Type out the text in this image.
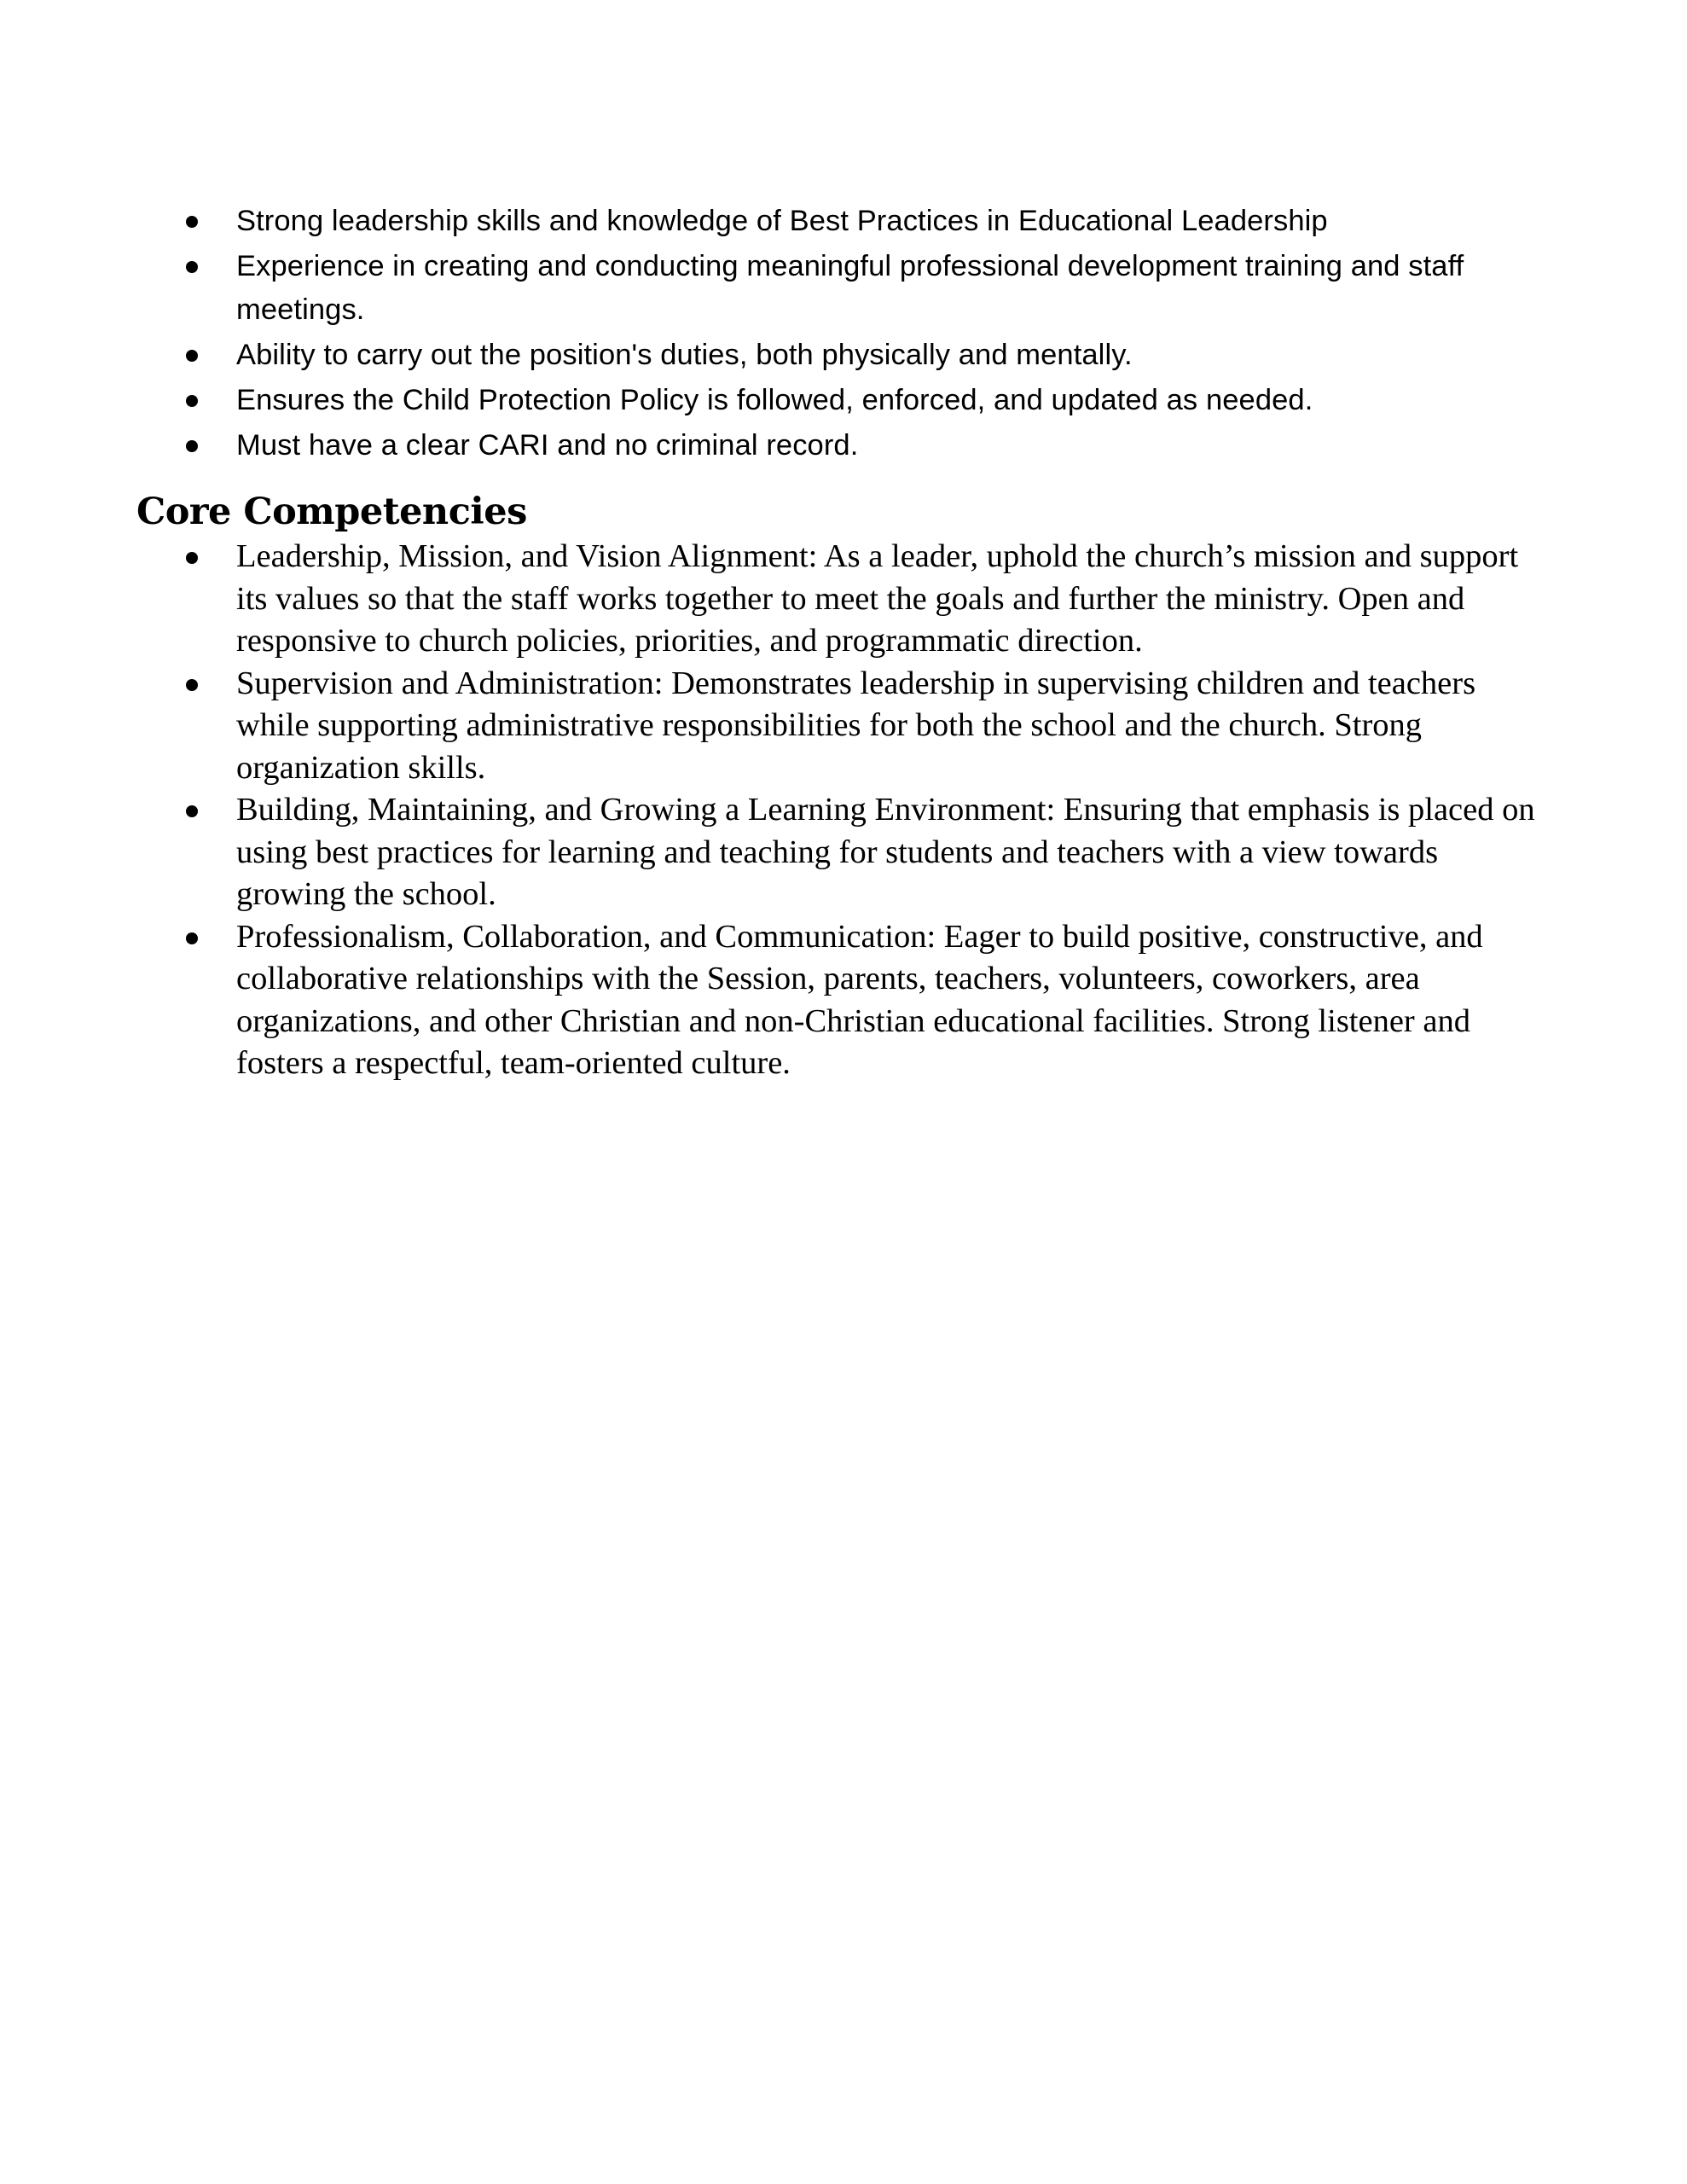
Strong leadership skills and knowledge of Best Practices in Educational Leadership
Experience in creating and conducting meaningful professional development training and staff meetings.
Ability to carry out the position's duties, both physically and mentally.
Ensures the Child Protection Policy is followed, enforced, and updated as needed.
Must have a clear CARI and no criminal record.
Core Competencies
Leadership, Mission, and Vision Alignment: As a leader, uphold the church’s mission and support its values so that the staff works together to meet the goals and further the ministry. Open and responsive to church policies, priorities, and programmatic direction.
Supervision and Administration: Demonstrates leadership in supervising children and teachers while supporting administrative responsibilities for both the school and the church. Strong organization skills.
Building, Maintaining, and Growing a Learning Environment: Ensuring that emphasis is placed on using best practices for learning and teaching for students and teachers with a view towards growing the school.
Professionalism, Collaboration, and Communication: Eager to build positive, constructive, and collaborative relationships with the Session, parents, teachers, volunteers, coworkers, area organizations, and other Christian and non-Christian educational facilities. Strong listener and fosters a respectful, team-oriented culture.
